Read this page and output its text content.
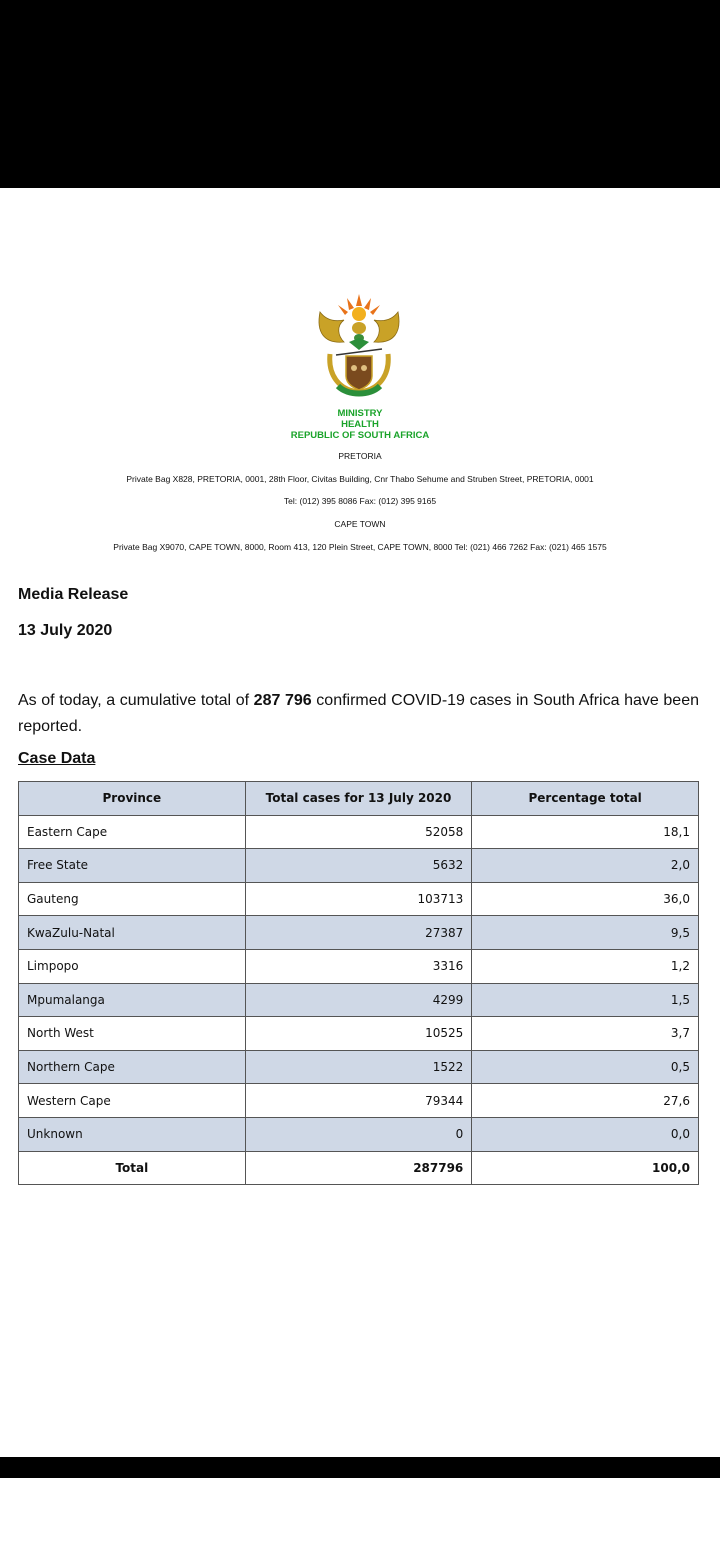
MINISTRY
HEALTH
REPUBLIC OF SOUTH AFRICA
PRETORIA
Private Bag X828, PRETORIA, 0001, 28th Floor, Civitas Building, Cnr Thabo Sehume and Struben Street, PRETORIA, 0001
Tel: (012) 395 8086 Fax: (012) 395 9165
CAPE TOWN
Private Bag X9070, CAPE TOWN, 8000, Room 413, 120 Plein Street, CAPE TOWN, 8000 Tel: (021) 466 7262 Fax: (021) 465 1575
Media Release
13 July 2020
As of today, a cumulative total of 287 796 confirmed COVID-19 cases in South Africa have been reported.
Case Data
Province	Total cases for 13 July 2020	Percentage total
Eastern Cape	52058	18,1
Free State	5632	2,0
Gauteng	103713	36,0
KwaZulu-Natal	27387	9,5
Limpopo	3316	1,2
Mpumalanga	4299	1,5
North West	10525	3,7
Northern Cape	1522	0,5
Western Cape	79344	27,6
Unknown	0	0,0
Total	287796	100,0
